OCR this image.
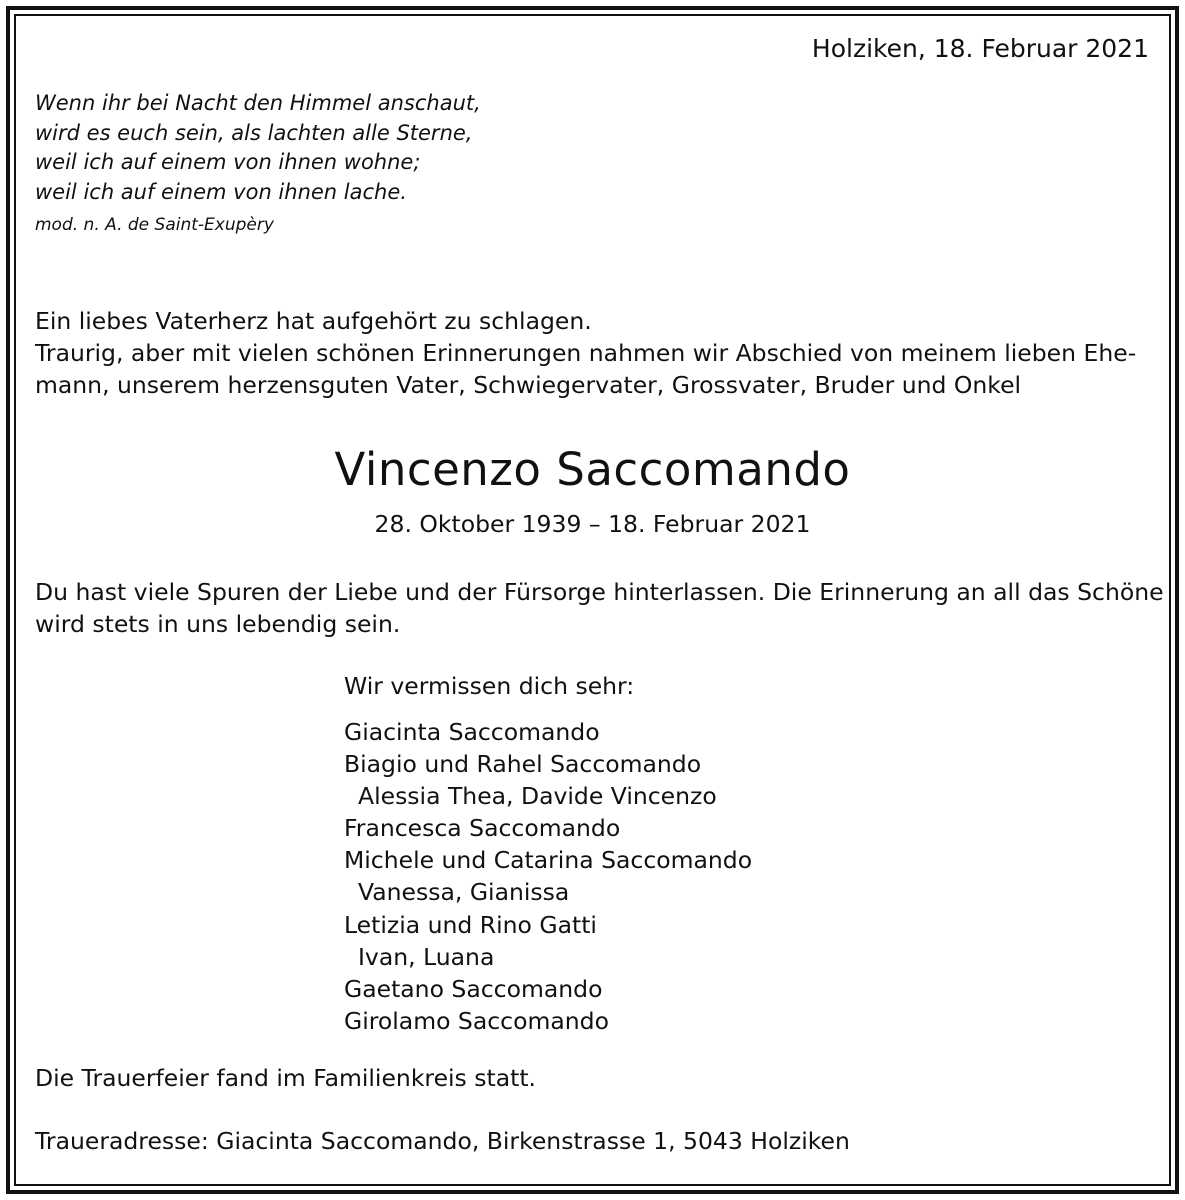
Holziken, 18. Februar 2021
Wenn ihr bei Nacht den Himmel anschaut,
wird es euch sein, als lachten alle Sterne,
weil ich auf einem von ihnen wohne;
weil ich auf einem von ihnen lache.
mod. n. A. de Saint-Exupèry
Ein liebes Vaterherz hat aufgehört zu schlagen.
Traurig, aber mit vielen schönen Erinnerungen nahmen wir Abschied von meinem lieben Ehe-
mann, unserem herzensguten Vater, Schwiegervater, Grossvater, Bruder und Onkel
Vincenzo Saccomando
28. Oktober 1939 – 18. Februar 2021
Du hast viele Spuren der Liebe und der Fürsorge hinterlassen. Die Erinnerung an all das Schöne
wird stets in uns lebendig sein.
Wir vermissen dich sehr:
Giacinta Saccomando
Biagio und Rahel Saccomando
Alessia Thea, Davide Vincenzo
Francesca Saccomando
Michele und Catarina Saccomando
Vanessa, Gianissa
Letizia und Rino Gatti
Ivan, Luana
Gaetano Saccomando
Girolamo Saccomando
Die Trauerfeier fand im Familienkreis statt.
Traueradresse: Giacinta Saccomando, Birkenstrasse 1, 5043 Holziken
